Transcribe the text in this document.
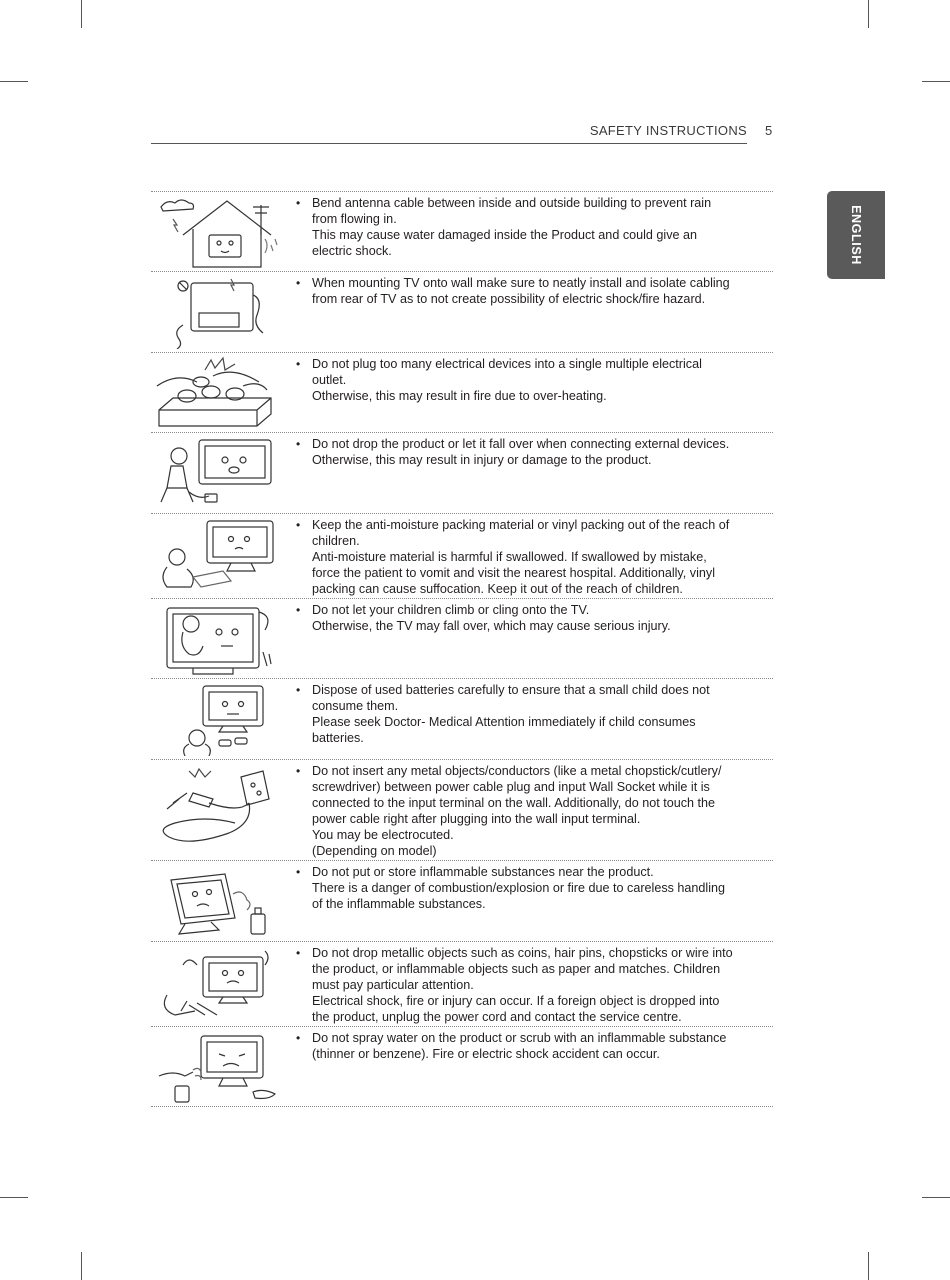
SAFETY INSTRUCTIONS 5
ENGLISH
• Bend antenna cable between inside and outside building to prevent rain
from flowing in.
This may cause water damaged inside the Product and could give an
electric shock.
• When mounting TV onto wall make sure to neatly install and isolate cabling
from rear of TV as to not create possibility of electric shock/fire hazard.
• Do not plug too many electrical devices into a single multiple electrical
outlet.
Otherwise, this may result in fire due to over-heating.
• Do not drop the product or let it fall over when connecting external devices.
Otherwise, this may result in injury or damage to the product.
• Keep the anti-moisture packing material or vinyl packing out of the reach of
children.
Anti-moisture material is harmful if swallowed. If swallowed by mistake,
force the patient to vomit and visit the nearest hospital. Additionally, vinyl
packing can cause suffocation. Keep it out of the reach of children.
• Do not let your children climb or cling onto the TV.
Otherwise, the TV may fall over, which may cause serious injury.
• Dispose of used batteries carefully to ensure that a small child does not
consume them.
Please seek Doctor- Medical Attention immediately if child consumes
batteries.
• Do not insert any metal objects/conductors (like a metal chopstick/cutlery/
screwdriver) between power cable plug and input Wall Socket while it is
connected to the input terminal on the wall. Additionally, do not touch the
power cable right after plugging into the wall input terminal.
You may be electrocuted.
(Depending on model)
• Do not put or store inflammable substances near the product.
There is a danger of combustion/explosion or fire due to careless handling
of the inflammable substances.
• Do not drop metallic objects such as coins, hair pins, chopsticks or wire into
the product, or inflammable objects such as paper and matches. Children
must pay particular attention.
Electrical shock, fire or injury can occur. If a foreign object is dropped into
the product, unplug the power cord and contact the service centre.
• Do not spray water on the product or scrub with an inflammable substance
(thinner or benzene). Fire or electric shock accident can occur.
